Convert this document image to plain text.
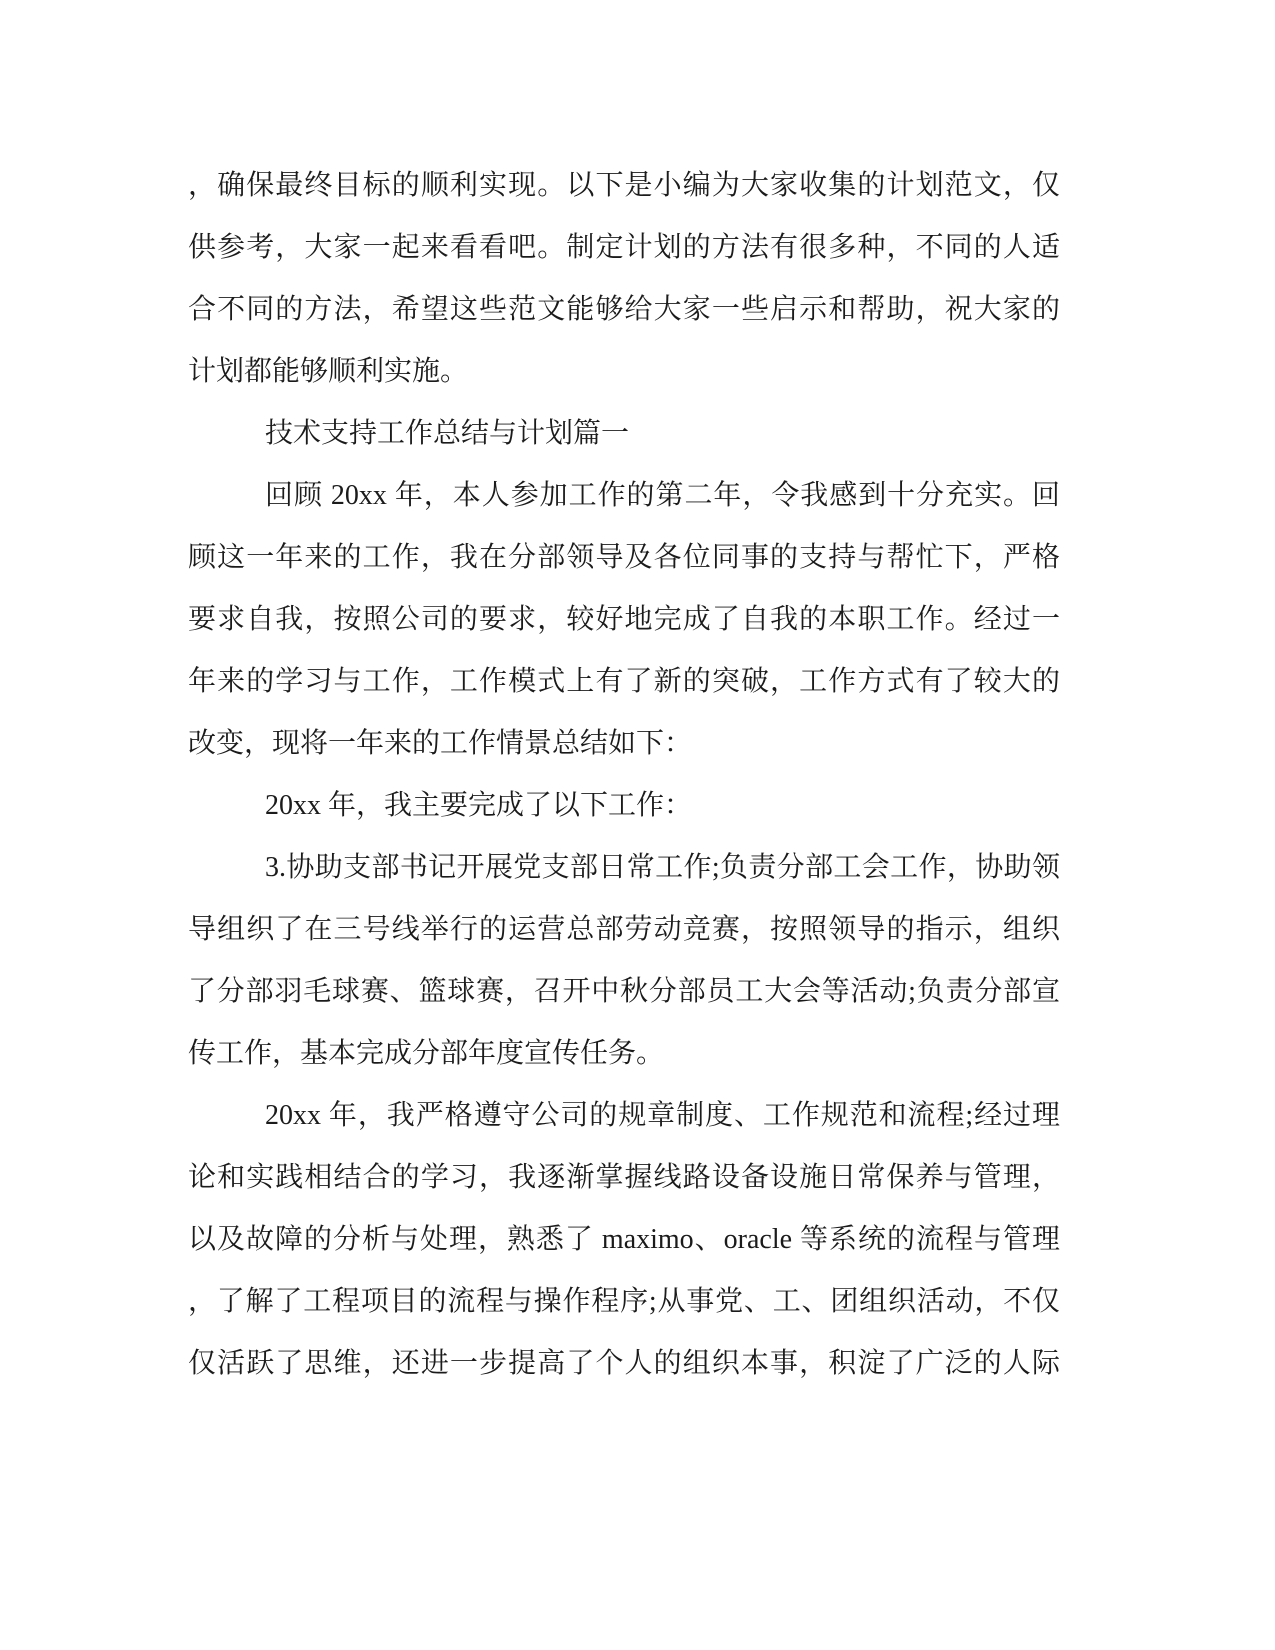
，确保最终目标的顺利实现。以下是小编为大家收集的计划范文，仅
供参考，大家一起来看看吧。制定计划的方法有很多种，不同的人适
合不同的方法，希望这些范文能够给大家一些启示和帮助，祝大家的
计划都能够顺利实施。
技术支持工作总结与计划篇一
回顾 20xx 年，本人参加工作的第二年，令我感到十分充实。回
顾这一年来的工作，我在分部领导及各位同事的支持与帮忙下，严格
要求自我，按照公司的要求，较好地完成了自我的本职工作。经过一
年来的学习与工作，工作模式上有了新的突破，工作方式有了较大的
改变，现将一年来的工作情景总结如下：
20xx 年，我主要完成了以下工作：
3.协助支部书记开展党支部日常工作;负责分部工会工作，协助领
导组织了在三号线举行的运营总部劳动竞赛，按照领导的指示，组织
了分部羽毛球赛、篮球赛，召开中秋分部员工大会等活动;负责分部宣
传工作，基本完成分部年度宣传任务。
20xx 年，我严格遵守公司的规章制度、工作规范和流程;经过理
论和实践相结合的学习，我逐渐掌握线路设备设施日常保养与管理，
以及故障的分析与处理，熟悉了 maximo、oracle 等系统的流程与管理
，了解了工程项目的流程与操作程序;从事党、工、团组织活动，不仅
仅活跃了思维，还进一步提高了个人的组织本事，积淀了广泛的人际
